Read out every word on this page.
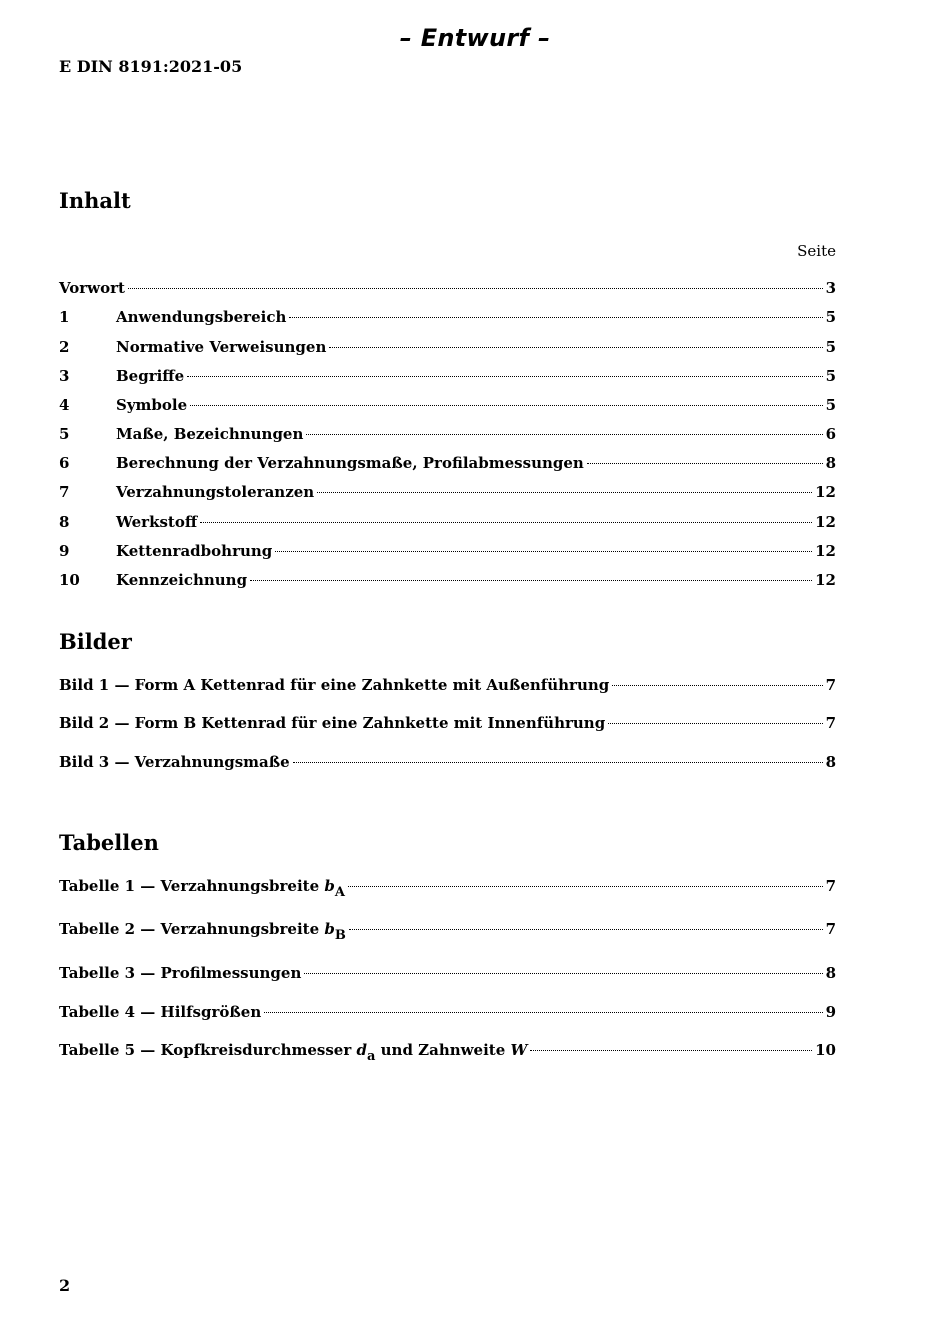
– Entwurf –
E DIN 8191:2021-05
Inhalt
Seite
Vorwort	3
1	Anwendungsbereich	5
2	Normative Verweisungen	5
3	Begriffe	5
4	Symbole	5
5	Maße, Bezeichnungen	6
6	Berechnung der Verzahnungsmaße, Profilabmessungen	8
7	Verzahnungstoleranzen	12
8	Werkstoff	12
9	Kettenradbohrung	12
10	Kennzeichnung	12
Bilder
Bild 1 — Form A Kettenrad für eine Zahnkette mit Außenführung	7
Bild 2 — Form B Kettenrad für eine Zahnkette mit Innenführung	7
Bild 3 — Verzahnungsmaße	8
Tabellen
Tabelle 1 — Verzahnungsbreite $b_A$	7
Tabelle 2 — Verzahnungsbreite $b_B$	7
Tabelle 3 — Profilmessungen	8
Tabelle 4 — Hilfsgrößen	9
Tabelle 5 — Kopfkreisdurchmesser $d_a$ und Zahnweite W	10
2
